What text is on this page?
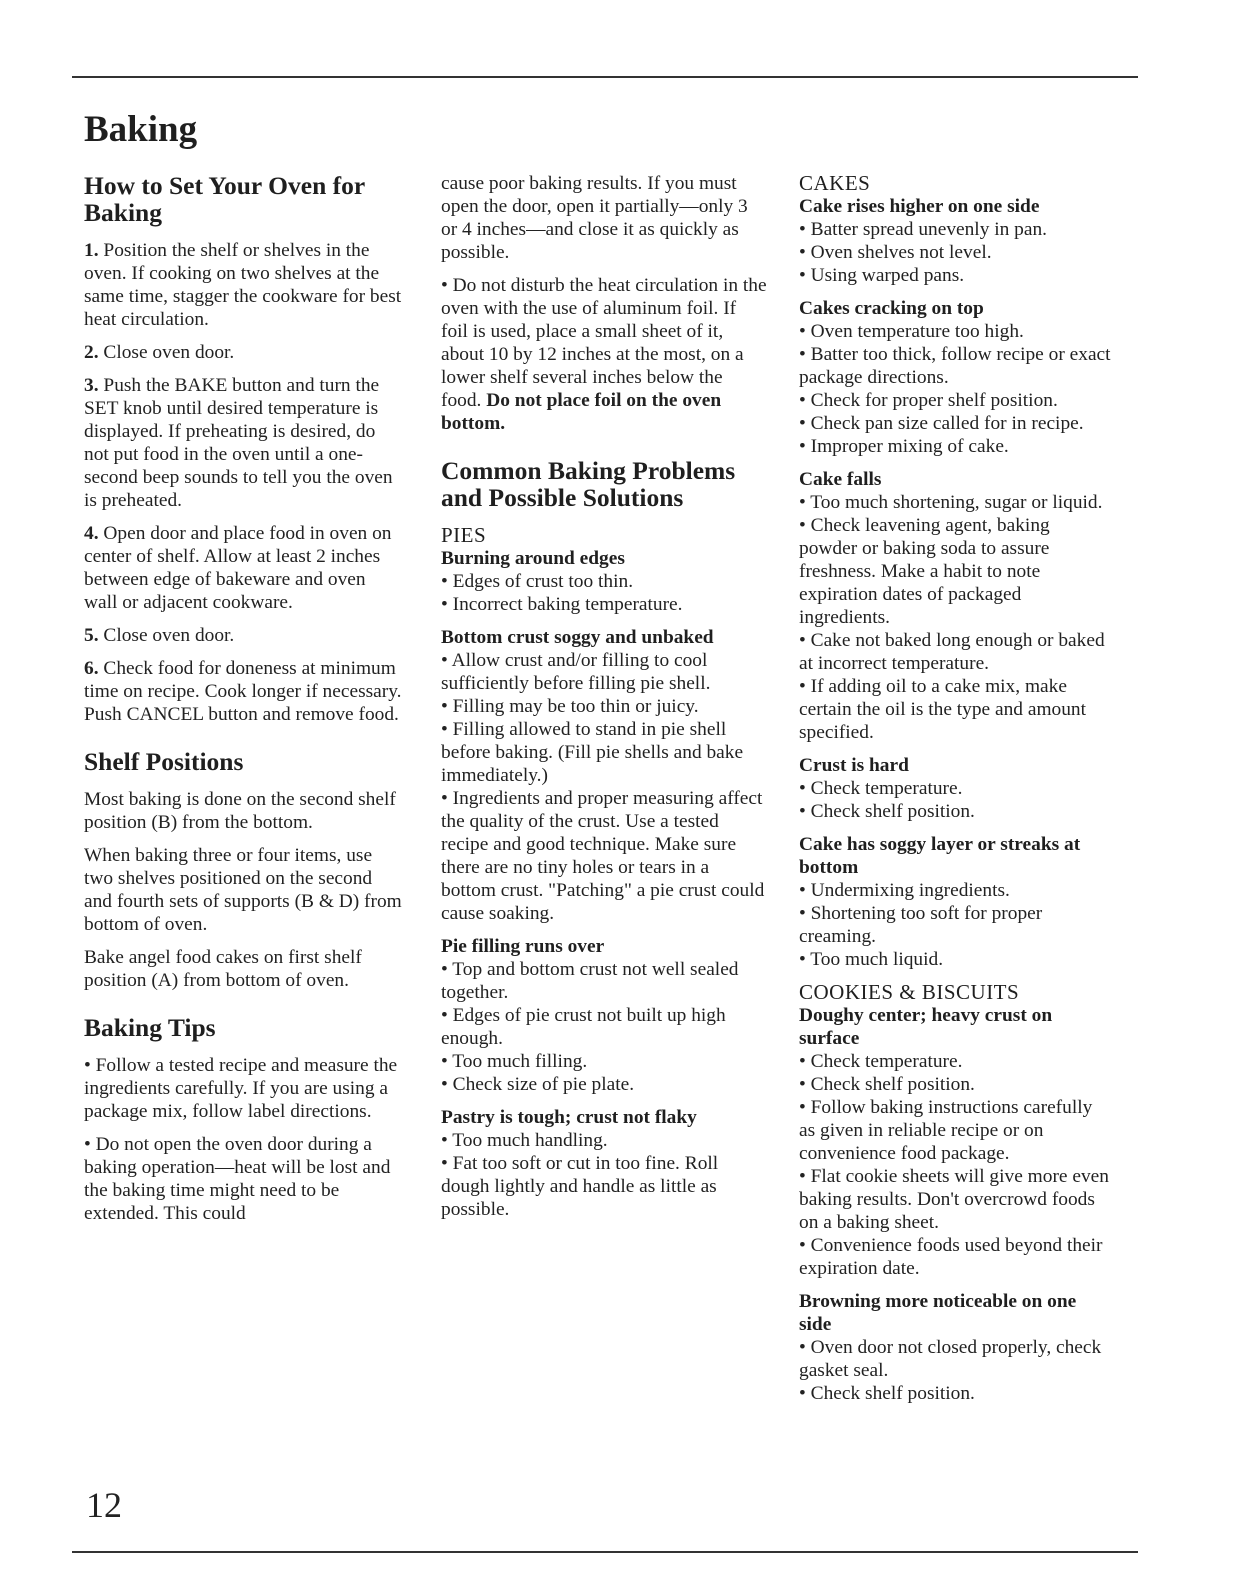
Baking
How to Set Your Oven for Baking

1. Position the shelf or shelves in the oven. If cooking on two shelves at the same time, stagger the cookware for best heat circulation.

2. Close oven door.

3. Push the BAKE button and turn the SET knob until desired temperature is displayed. If preheating is desired, do not put food in the oven until a one-second beep sounds to tell you the oven is preheated.

4. Open door and place food in oven on center of shelf. Allow at least 2 inches between edge of bakeware and oven wall or adjacent cookware.

5. Close oven door.

6. Check food for doneness at minimum time on recipe. Cook longer if necessary. Push CANCEL button and remove food.

Shelf Positions

Most baking is done on the second shelf position (B) from the bottom.

When baking three or four items, use two shelves positioned on the second and fourth sets of supports (B & D) from bottom of oven.

Bake angel food cakes on first shelf position (A) from bottom of oven.

Baking Tips

• Follow a tested recipe and measure the ingredients carefully. If you are using a package mix, follow label directions.

• Do not open the oven door during a baking operation—heat will be lost and the baking time might need to be extended. This could

cause poor baking results. If you must open the door, open it partially—only 3 or 4 inches—and close it as quickly as possible.

• Do not disturb the heat circulation in the oven with the use of aluminum foil. If foil is used, place a small sheet of it, about 10 by 12 inches at the most, on a lower shelf several inches below the food. Do not place foil on the oven bottom.

Common Baking Problems and Possible Solutions
PIES
Burning around edges
• Edges of crust too thin.
• Incorrect baking temperature.
Bottom crust soggy and unbaked
• Allow crust and/or filling to cool sufficiently before filling pie shell.
• Filling may be too thin or juicy.
• Filling allowed to stand in pie shell before baking. (Fill pie shells and bake immediately.)
• Ingredients and proper measuring affect the quality of the crust. Use a tested recipe and good technique. Make sure there are no tiny holes or tears in a bottom crust. "Patching" a pie crust could cause soaking.
Pie filling runs over
• Top and bottom crust not well sealed together.
• Edges of pie crust not built up high enough.
• Too much filling.
• Check size of pie plate.
Pastry is tough; crust not flaky
• Too much handling.
• Fat too soft or cut in too fine. Roll dough lightly and handle as little as possible.
CAKES
Cake rises higher on one side
• Batter spread unevenly in pan.
• Oven shelves not level.
• Using warped pans.
Cakes cracking on top
• Oven temperature too high.
• Batter too thick, follow recipe or exact package directions.
• Check for proper shelf position.
• Check pan size called for in recipe.
• Improper mixing of cake.
Cake falls
• Too much shortening, sugar or liquid.
• Check leavening agent, baking powder or baking soda to assure freshness. Make a habit to note expiration dates of packaged ingredients.
• Cake not baked long enough or baked at incorrect temperature.
• If adding oil to a cake mix, make certain the oil is the type and amount specified.
Crust is hard
• Check temperature.
• Check shelf position.
Cake has soggy layer or streaks at bottom
• Undermixing ingredients.
• Shortening too soft for proper creaming.
• Too much liquid.
COOKIES & BISCUITS
Doughy center; heavy crust on surface
• Check temperature.
• Check shelf position.
• Follow baking instructions carefully as given in reliable recipe or on convenience food package.
• Flat cookie sheets will give more even baking results. Don't overcrowd foods on a baking sheet.
• Convenience foods used beyond their expiration date.
Browning more noticeable on one side
• Oven door not closed properly, check gasket seal.
• Check shelf position.
12
